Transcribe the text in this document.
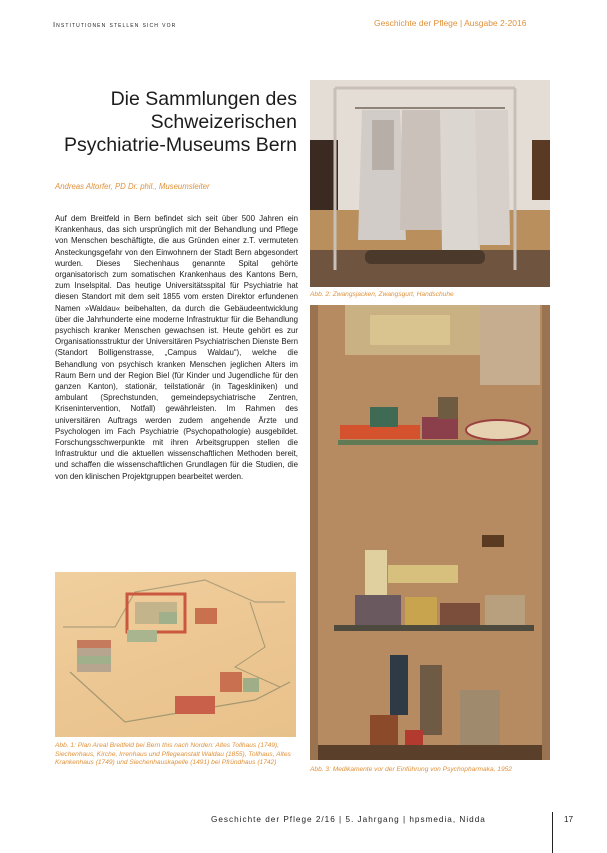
Institutionen stellen sich vor	Geschichte der Pflege | Ausgabe 2-2016
Die Sammlungen des
Schweizerischen
Psychiatrie-Museums Bern
Andreas Altorfer, PD Dr. phil., Museumsleiter

Auf dem Breitfeld in Bern befindet sich seit über 500 Jahren ein Krankenhaus, das sich ursprünglich mit der Behandlung und Pflege von Menschen beschäftigte, die aus Gründen einer z.T. vermuteten Ansteckungsgefahr von den Einwohnern der Stadt Bern abgesondert wurden. Dieses Siechenhaus genannte Spital gehörte organisatorisch zum somatischen Krankenhaus des Kantons Bern, zum Inselspital. Das heutige Universitätsspital für Psychiatrie hat diesen Standort mit dem seit 1855 vom ersten Direktor erfundenen Namen »Waldau« beibehalten, da durch die Gebäudeentwicklung über die Jahrhunderte eine moderne Infrastruktur für die Behandlung psychisch kranker Menschen gewachsen ist. Heute gehört es zur Organisationsstruktur der Universitären Psychiatrischen Dienste Bern (Standort Bolligenstrasse, „Campus Waldau“), welche die Behandlung von psychisch kranken Menschen jeglichen Alters im Raum Bern und der Region Biel (für Kinder und Jugendliche für den ganzen Kanton), stationär, teilstationär (in Tageskliniken) und ambulant (Sprechstunden, gemeindepsychiatrische Zentren, Krisenintervention, Notfall) gewährleisten. Im Rahmen des universitären Auftrags werden zudem angehende Ärzte und Psychologen im Fach Psychiatrie (Psychopathologie) ausgebildet. Forschungsschwerpunkte mit ihren Arbeitsgruppen stellen die Infrastruktur und die aktuellen wissenschaftlichen Methoden bereit, und schaffen die wissenschaftlichen Grundlagen für die Studien, die von den klinischen Projektgruppen bearbeitet werden.

Abb. 1: Plan Areal Breitfeld bei Bern this nach Norden: Altes Tollhaus (1749), Siechenhaus, Kirche, Irrenhaus und Pflegeanstalt Waldau (1855), Tollhaus, Altes Krankenhaus (1749) und Siechenhauskapelle (1491) bei Pfründhaus (1742)
Abb. 2: Zwangsjacken, Zwangsgurt, Handschuhe
Abb. 3: Medikamente vor der Einführung von Psychopharmaka, 1952
Geschichte der Pflege 2/16 | 5. Jahrgang | hpsmedia, Nidda	17
